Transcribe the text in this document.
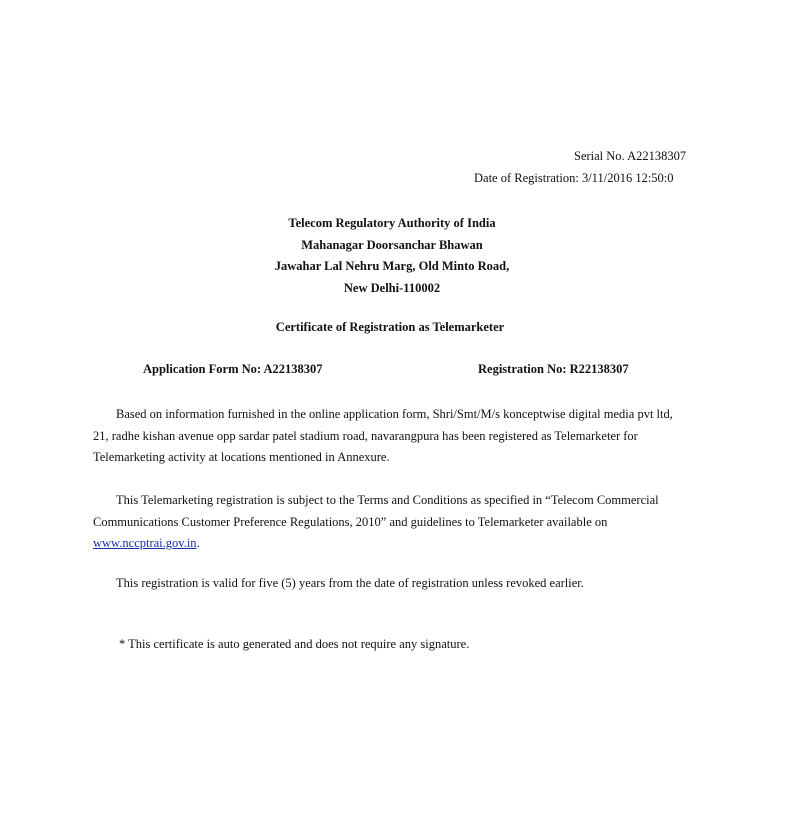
Serial No. A22138307
Date of Registration: 3/11/2016 12:50:0
Telecom Regulatory Authority of India
Mahanagar Doorsanchar Bhawan
Jawahar Lal Nehru Marg, Old Minto Road,
New Delhi-110002
Certificate of Registration as Telemarketer
Application Form No: A22138307	Registration No: R22138307
Based on information furnished in the online application form, Shri/Smt/M/s konceptwise digital media pvt ltd,
21, radhe kishan avenue opp sardar patel stadium road, navarangpura has been registered as Telemarketer for
Telemarketing activity at locations mentioned in Annexure.
This Telemarketing registration is subject to the Terms and Conditions as specified in “Telecom Commercial
Communications Customer Preference Regulations, 2010” and guidelines to Telemarketer available on
www.nccptrai.gov.in.
This registration is valid for five (5) years from the date of registration unless revoked earlier.
* This certificate is auto generated and does not require any signature.
